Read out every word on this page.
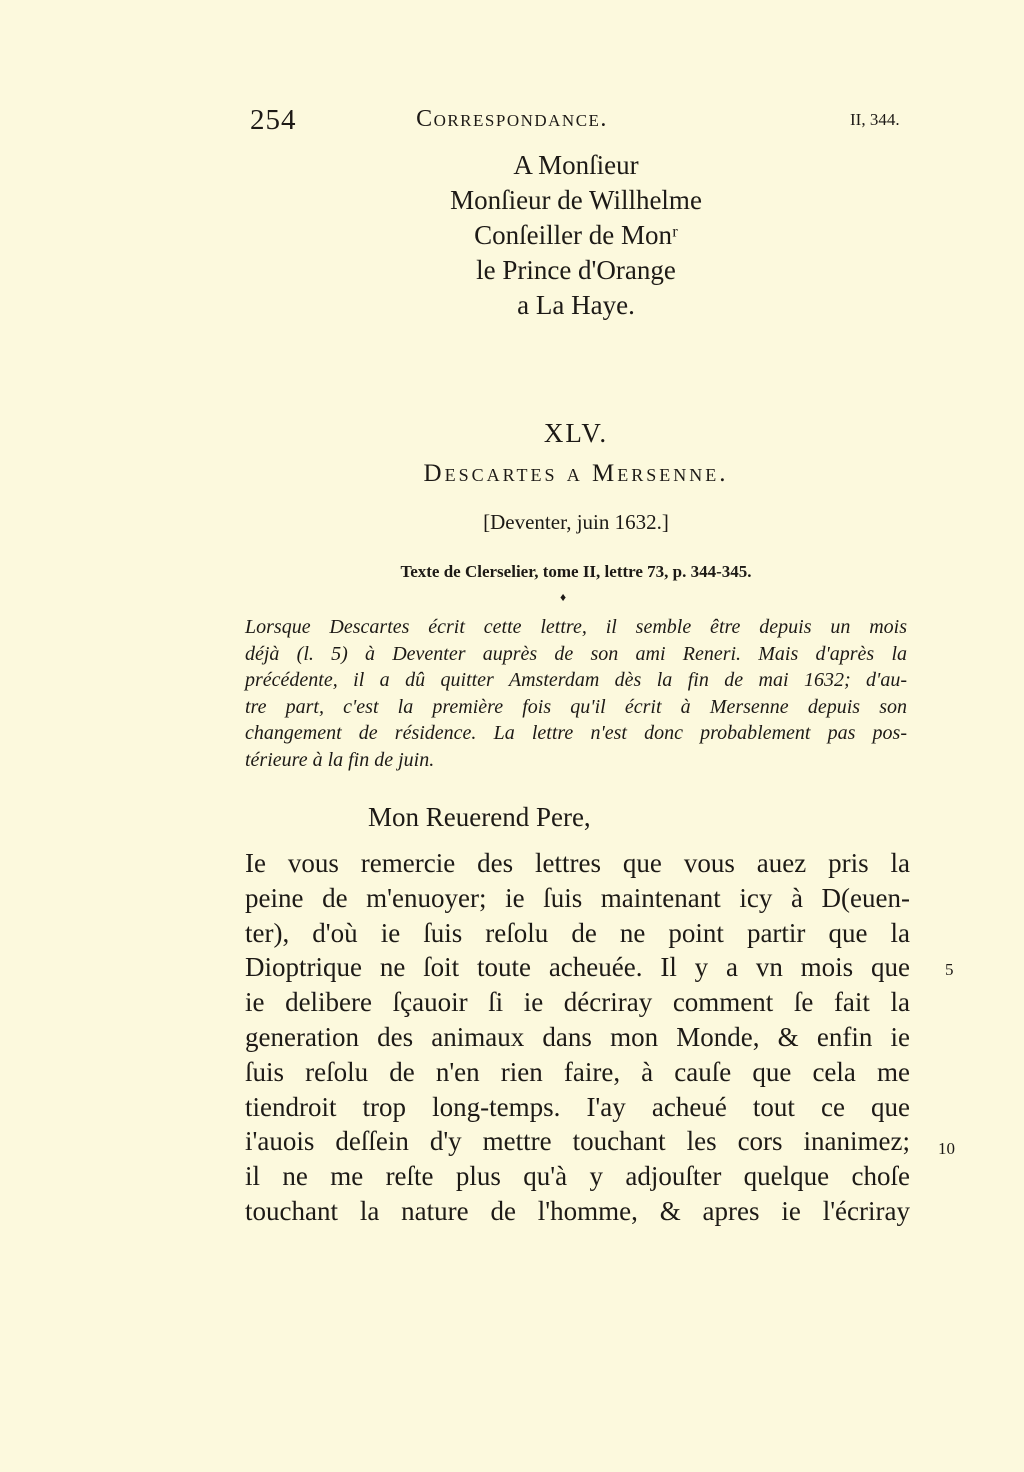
254	Correspondance.	II, 344.
A Monſieur
Monſieur de Willhelme
Conſeiller de Monʳ
le Prince d'Orange
a La Haye.
XLV.
Descartes a Mersenne.
[Deventer, juin 1632.]
Texte de Clerselier, tome II, lettre 73, p. 344-345.
♦
Lorsque Descartes écrit cette lettre, il semble être depuis un mois
déjà (l. 5) à Deventer auprès de son ami Reneri. Mais d'après la
précédente, il a dû quitter Amsterdam dès la fin de mai 1632; d'au-
tre part, c'est la première fois qu'il écrit à Mersenne depuis son
changement de résidence. La lettre n'est donc probablement pas pos-
térieure à la fin de juin.
Mon Reuerend Pere,
Ie vous remercie des lettres que vous auez pris la
peine de m'enuoyer; ie ſuis maintenant icy à D(euen-
ter), d'où ie ſuis reſolu de ne point partir que la
Dioptrique ne ſoit toute acheuée. Il y a vn mois que
ie delibere ſçauoir ſi ie décriray comment ſe fait la
generation des animaux dans mon Monde, & enfin ie
ſuis reſolu de n'en rien faire, à cauſe que cela me
tiendroit trop long-temps. I'ay acheué tout ce que
i'auois deſſein d'y mettre touchant les cors inanimez;
il ne me reſte plus qu'à y adjouſter quelque choſe
touchant la nature de l'homme, & apres ie l'écriray
5
10
